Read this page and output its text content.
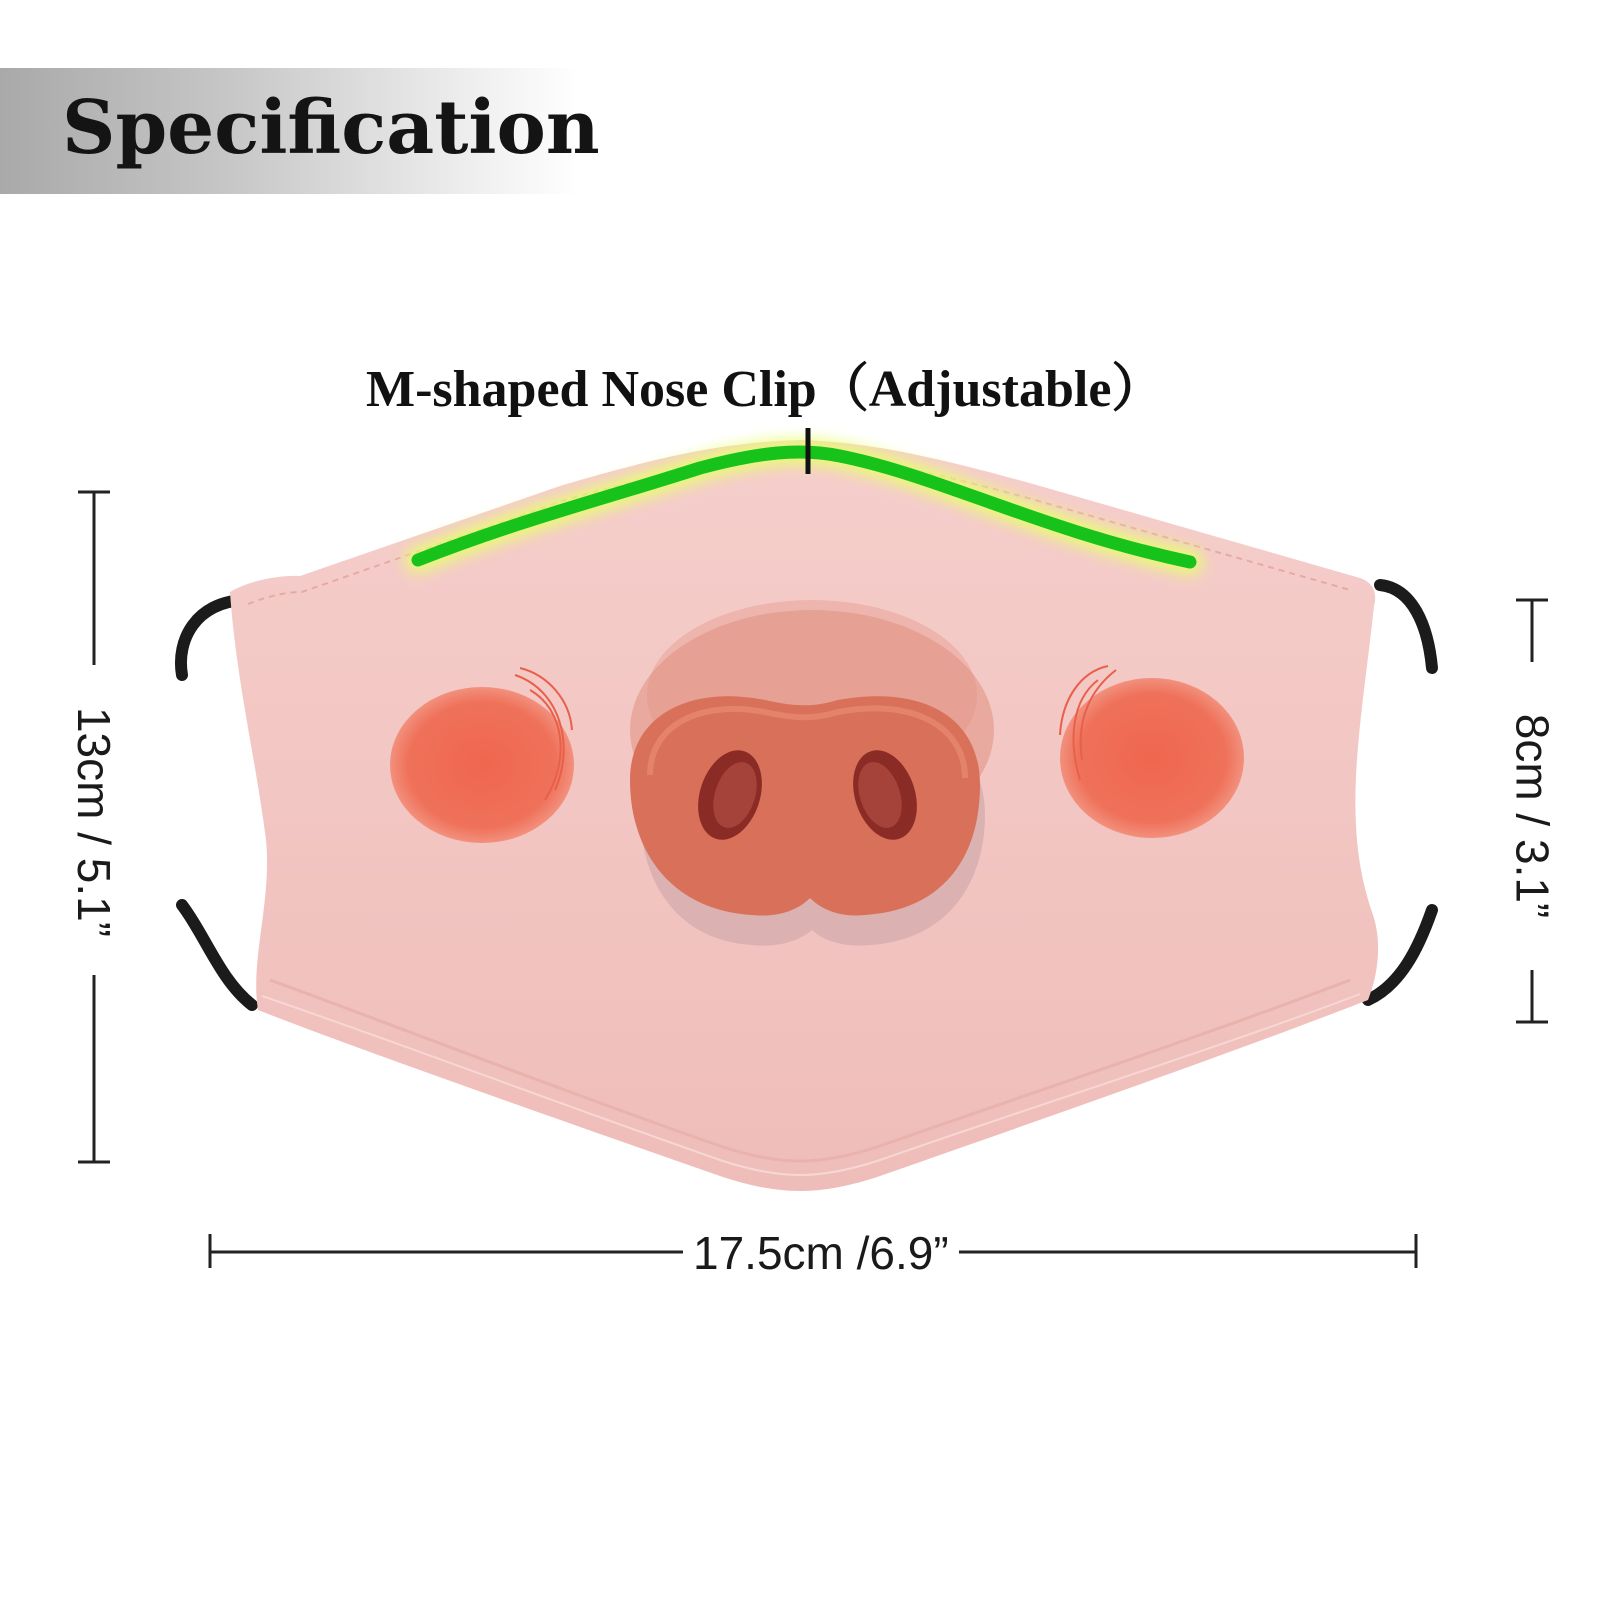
Specification
M-shaped Nose Clip（Adjustable）
13cm / 5.1”	8cm / 3.1”
17.5cm /6.9”
